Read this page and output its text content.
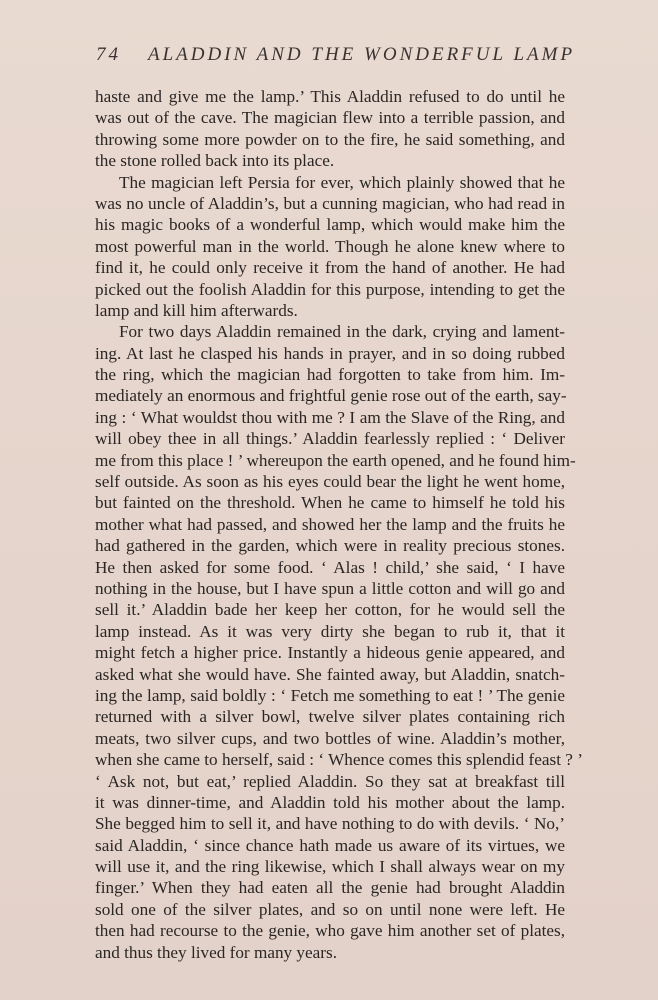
74 ALADDIN AND THE WONDERFUL LAMP
haste and give me the lamp.’ This Aladdin refused to do until he
was out of the cave. The magician flew into a terrible passion, and
throwing some more powder on to the fire, he said something, and
the stone rolled back into its place.
The magician left Persia for ever, which plainly showed that he
was no uncle of Aladdin’s, but a cunning magician, who had read in
his magic books of a wonderful lamp, which would make him the
most powerful man in the world. Though he alone knew where to
find it, he could only receive it from the hand of another. He had
picked out the foolish Aladdin for this purpose, intending to get the
lamp and kill him afterwards.
For two days Aladdin remained in the dark, crying and lament-
ing. At last he clasped his hands in prayer, and in so doing rubbed
the ring, which the magician had forgotten to take from him. Im-
mediately an enormous and frightful genie rose out of the earth, say-
ing : ‘ What wouldst thou with me ? I am the Slave of the Ring, and
will obey thee in all things.’ Aladdin fearlessly replied : ‘ Deliver
me from this place ! ’ whereupon the earth opened, and he found him-
self outside. As soon as his eyes could bear the light he went home,
but fainted on the threshold. When he came to himself he told his
mother what had passed, and showed her the lamp and the fruits he
had gathered in the garden, which were in reality precious stones.
He then asked for some food. ‘ Alas ! child,’ she said, ‘ I have
nothing in the house, but I have spun a little cotton and will go and
sell it.’ Aladdin bade her keep her cotton, for he would sell the
lamp instead. As it was very dirty she began to rub it, that it
might fetch a higher price. Instantly a hideous genie appeared, and
asked what she would have. She fainted away, but Aladdin, snatch-
ing the lamp, said boldly : ‘ Fetch me something to eat ! ’ The genie
returned with a silver bowl, twelve silver plates containing rich
meats, two silver cups, and two bottles of wine. Aladdin’s mother,
when she came to herself, said : ‘ Whence comes this splendid feast ? ’
‘ Ask not, but eat,’ replied Aladdin. So they sat at breakfast till
it was dinner-time, and Aladdin told his mother about the lamp.
She begged him to sell it, and have nothing to do with devils. ‘ No,’
said Aladdin, ‘ since chance hath made us aware of its virtues, we
will use it, and the ring likewise, which I shall always wear on my
finger.’ When they had eaten all the genie had brought Aladdin
sold one of the silver plates, and so on until none were left. He
then had recourse to the genie, who gave him another set of plates,
and thus they lived for many years.
